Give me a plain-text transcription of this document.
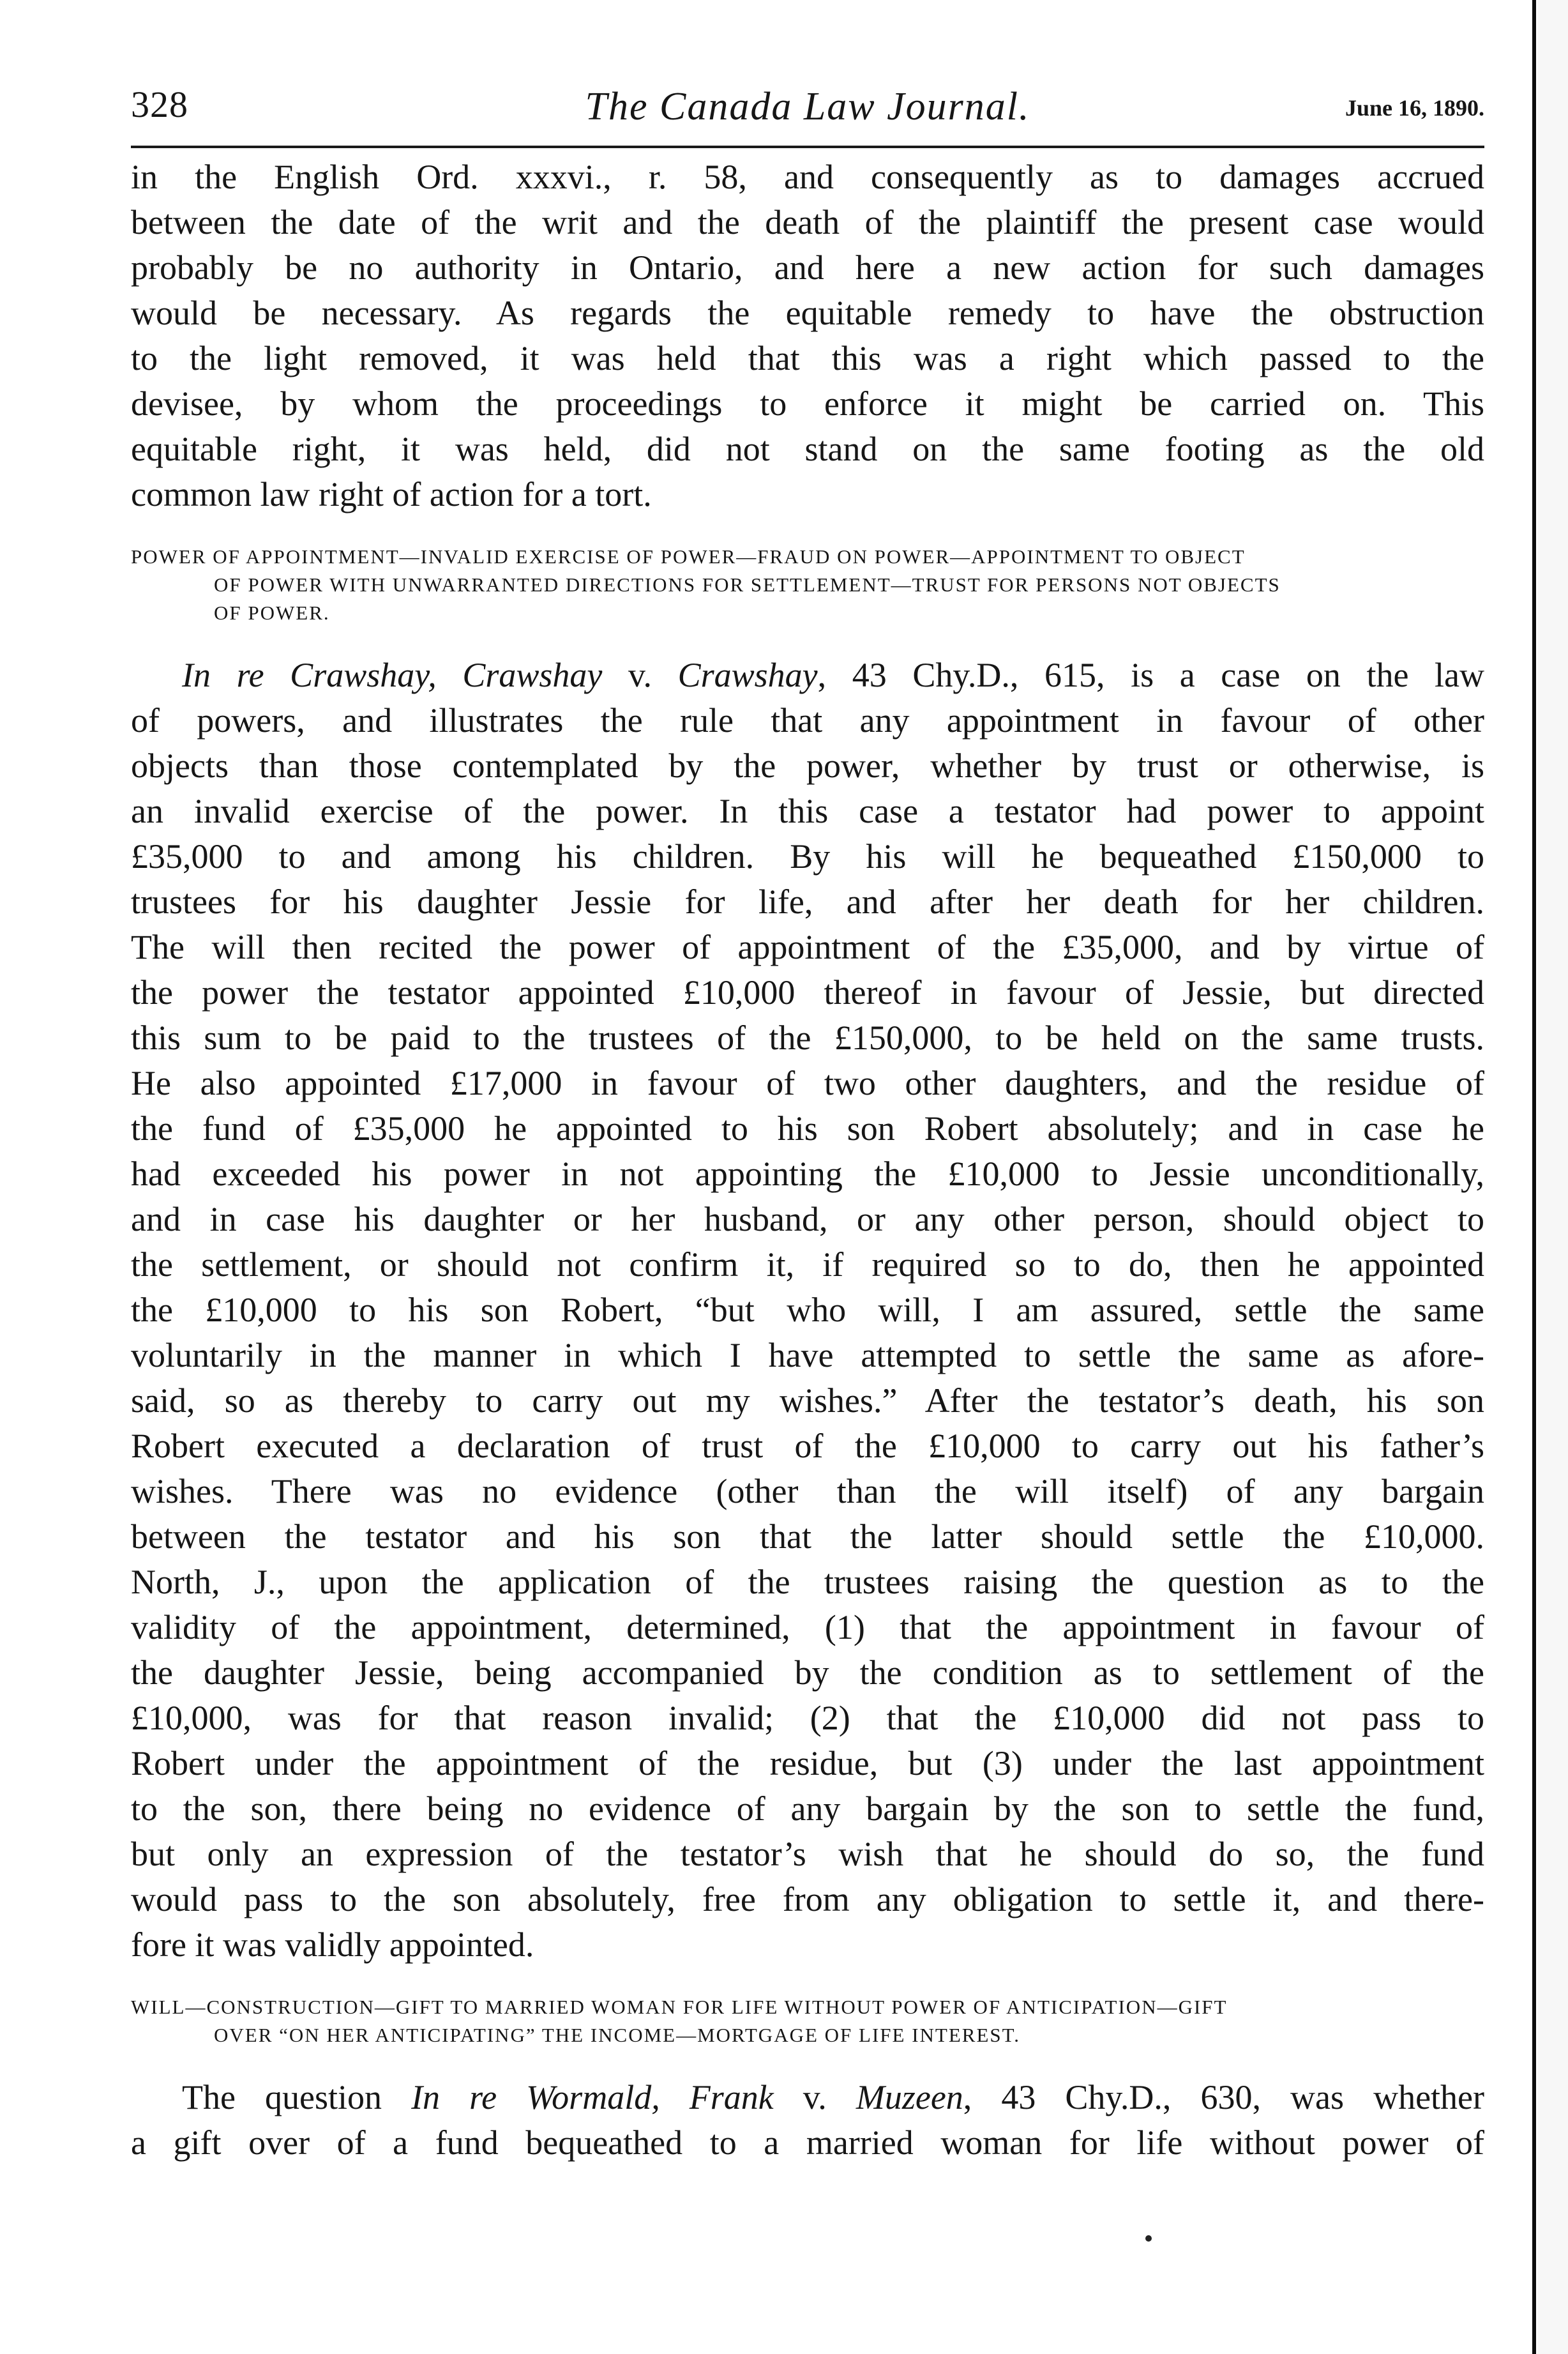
328	The Canada Law Journal.	June 16, 1890.
in the English Ord. xxxvi., r. 58, and consequently as to damages accrued
between the date of the writ and the death of the plaintiff the present case would
probably be no authority in Ontario, and here a new action for such damages
would be necessary. As regards the equitable remedy to have the obstruction
to the light removed, it was held that this was a right which passed to the
devisee, by whom the proceedings to enforce it might be carried on. This
equitable right, it was held, did not stand on the same footing as the old
common law right of action for a tort.
POWER OF APPOINTMENT—INVALID EXERCISE OF POWER—FRAUD ON POWER—APPOINTMENT TO OBJECT
OF POWER WITH UNWARRANTED DIRECTIONS FOR SETTLEMENT—TRUST FOR PERSONS NOT OBJECTS
OF POWER.
In re Crawshay, Crawshay v. Crawshay, 43 Chy.D., 615, is a case on the law
of powers, and illustrates the rule that any appointment in favour of other
objects than those contemplated by the power, whether by trust or otherwise, is
an invalid exercise of the power. In this case a testator had power to appoint
£35,000 to and among his children. By his will he bequeathed £150,000 to
trustees for his daughter Jessie for life, and after her death for her children.
The will then recited the power of appointment of the £35,000, and by virtue of
the power the testator appointed £10,000 thereof in favour of Jessie, but directed
this sum to be paid to the trustees of the £150,000, to be held on the same trusts.
He also appointed £17,000 in favour of two other daughters, and the residue of
the fund of £35,000 he appointed to his son Robert absolutely; and in case he
had exceeded his power in not appointing the £10,000 to Jessie unconditionally,
and in case his daughter or her husband, or any other person, should object to
the settlement, or should not confirm it, if required so to do, then he appointed
the £10,000 to his son Robert, “but who will, I am assured, settle the same
voluntarily in the manner in which I have attempted to settle the same as afore-
said, so as thereby to carry out my wishes.” After the testator’s death, his son
Robert executed a declaration of trust of the £10,000 to carry out his father’s
wishes. There was no evidence (other than the will itself) of any bargain
between the testator and his son that the latter should settle the £10,000.
North, J., upon the application of the trustees raising the question as to the
validity of the appointment, determined, (1) that the appointment in favour of
the daughter Jessie, being accompanied by the condition as to settlement of the
£10,000, was for that reason invalid; (2) that the £10,000 did not pass to
Robert under the appointment of the residue, but (3) under the last appointment
to the son, there being no evidence of any bargain by the son to settle the fund,
but only an expression of the testator’s wish that he should do so, the fund
would pass to the son absolutely, free from any obligation to settle it, and there-
fore it was validly appointed.
WILL—CONSTRUCTION—GIFT TO MARRIED WOMAN FOR LIFE WITHOUT POWER OF ANTICIPATION—GIFT
OVER “ON HER ANTICIPATING” THE INCOME—MORTGAGE OF LIFE INTEREST.
The question In re Wormald, Frank v. Muzeen, 43 Chy.D., 630, was whether
a gift over of a fund bequeathed to a married woman for life without power of
